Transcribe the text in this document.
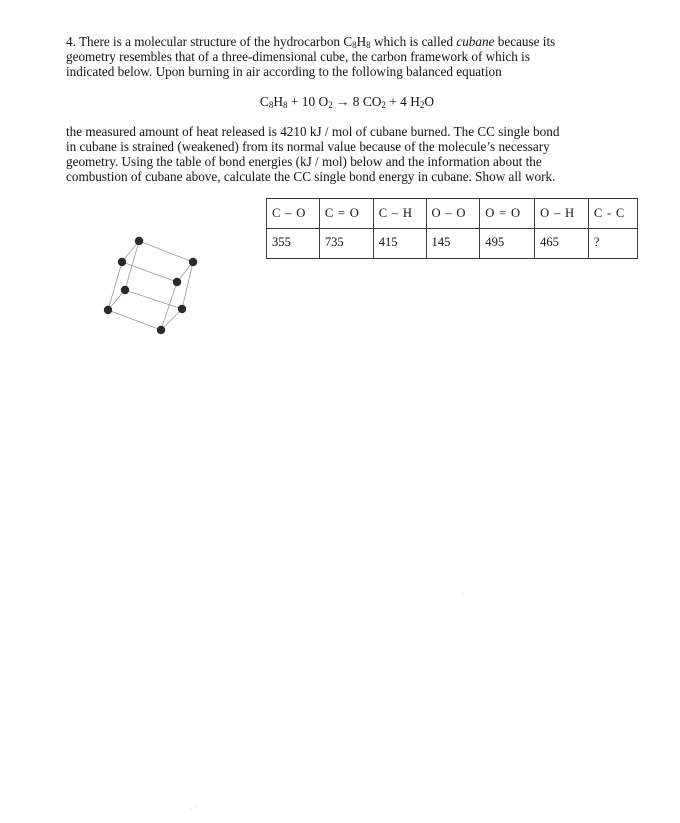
4. There is a molecular structure of the hydrocarbon $C_8H_8$ which is called cubane because its
geometry resembles that of a three-dimensional cube, the carbon framework of which is
indicated below. Upon burning in air according to the following balanced equation

$C_8H_8 + 10$ $O_2 \to 8$ $CO_2 + 4$ $H_2O$

the measured amount of heat released is 4210 kJ / mol of cubane burned. The CC single bond
in cubane is strained (weakened) from its normal value because of the molecule’s necessary
geometry. Using the table of bond energies (kJ / mol) below and the information about the
combustion of cubane above, calculate the CC single bond energy in cubane. Show all work.

C – O	C = O	C – H	O – O	O = O	O – H	C - C
355	735	415	145	495	465	?
·
· ˊ
